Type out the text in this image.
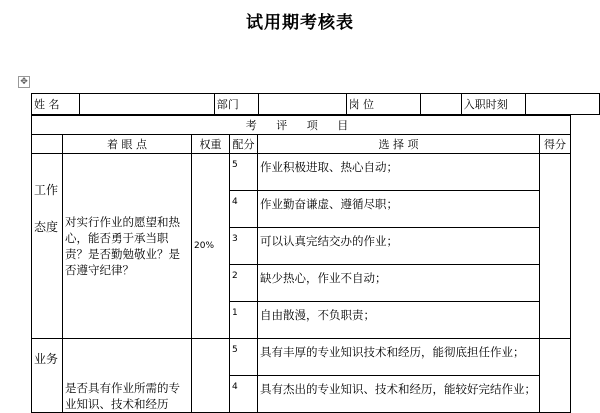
试用期考核表
✥
姓 名		部门		岗 位		入职时刻	
考 评 项 目					
	着 眼 点	权重	配分	选 择 项	得分
工作态度	对实行作业的愿望和热心，能否勇于承当职责？是否勤勉敬业？是否遵守纪律？	20%	5	作业积极进取、热心自动；	
			4	作业勤奋谦虚、遵循尽职；	
			3	可以认真完结交办的作业；	
			2	缺少热心，作业不自动；	
			1	自由散漫，不负职责；	
业务	是否具有作业所需的专业知识、技术和经历		5	具有丰厚的专业知识技术和经历，能彻底担任作业；	
			4	具有杰出的专业知识、技术和经历，能较好完结作业；	
